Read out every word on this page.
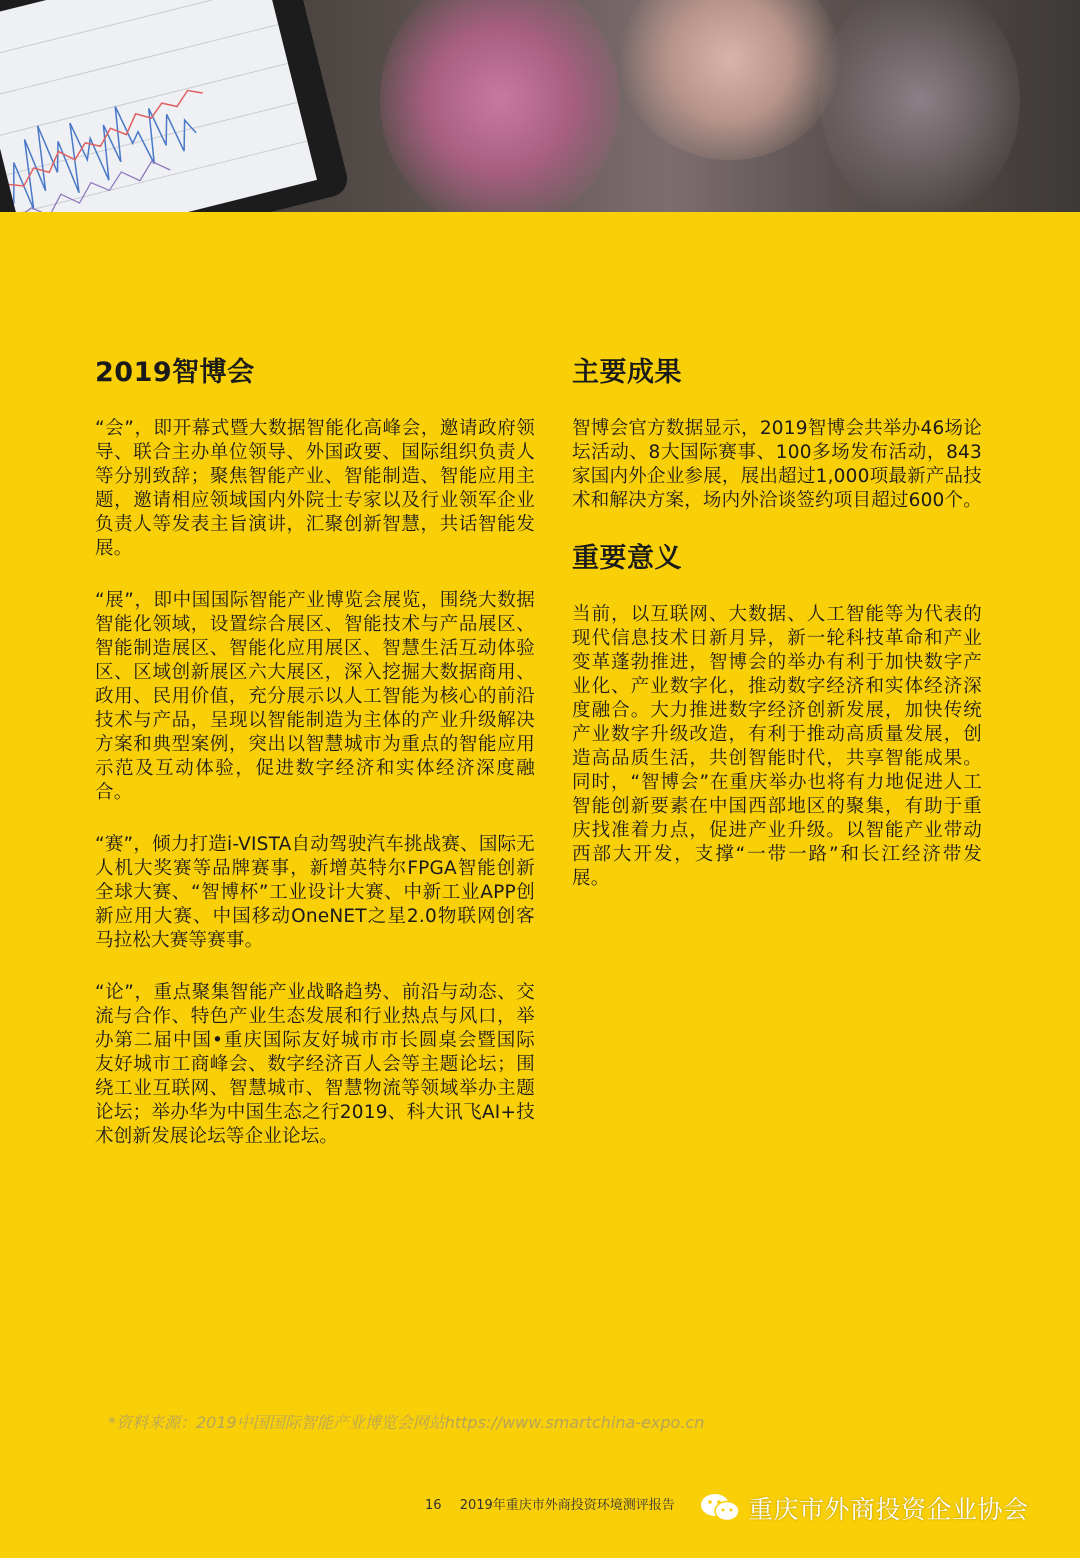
2019智博会

“会”，即开幕式暨大数据智能化高峰会，邀请政府领导、联合主办单位领导、外国政要、国际组织负责人等分别致辞；聚焦智能产业、智能制造、智能应用主题，邀请相应领域国内外院士专家以及行业领军企业负责人等发表主旨演讲，汇聚创新智慧，共话智能发展。

“展”，即中国国际智能产业博览会展览，围绕大数据智能化领域，设置综合展区、智能技术与产品展区、智能制造展区、智能化应用展区、智慧生活互动体验区、区域创新展区六大展区，深入挖掘大数据商用、政用、民用价值，充分展示以人工智能为核心的前沿技术与产品，呈现以智能制造为主体的产业升级解决方案和典型案例，突出以智慧城市为重点的智能应用示范及互动体验，促进数字经济和实体经济深度融合。

“赛”，倾力打造i-VISTA自动驾驶汽车挑战赛、国际无人机大奖赛等品牌赛事，新增英特尔FPGA智能创新全球大赛、“智博杯”工业设计大赛、中新工业APP创新应用大赛、中国移动OneNET之星2.0物联网创客马拉松大赛等赛事。

“论”，重点聚集智能产业战略趋势、前沿与动态、交流与合作、特色产业生态发展和行业热点与风口，举办第二届中国•重庆国际友好城市市长圆桌会暨国际友好城市工商峰会、数字经济百人会等主题论坛；围绕工业互联网、智慧城市、智慧物流等领域举办主题论坛；举办华为中国生态之行2019、科大讯飞AI+技术创新发展论坛等企业论坛。

主要成果

智博会官方数据显示，2019智博会共举办46场论坛活动、8大国际赛事、100多场发布活动，843家国内外企业参展，展出超过1,000项最新产品技术和解决方案，场内外洽谈签约项目超过600个。

重要意义

当前，以互联网、大数据、人工智能等为代表的现代信息技术日新月异，新一轮科技革命和产业变革蓬勃推进，智博会的举办有利于加快数字产业化、产业数字化，推动数字经济和实体经济深度融合。大力推进数字经济创新发展，加快传统产业数字升级改造，有利于推动高质量发展，创造高品质生活，共创智能时代，共享智能成果。同时，“智博会”在重庆举办也将有力地促进人工智能创新要素在中国西部地区的聚集，有助于重庆找准着力点，促进产业升级。以智能产业带动西部大开发，支撑“一带一路”和长江经济带发展。

*资料来源：2019中国国际智能产业博览会网站https://www.smartchina-expo.cn
16 2019年重庆市外商投资环境测评报告	重庆市外商投资企业协会
